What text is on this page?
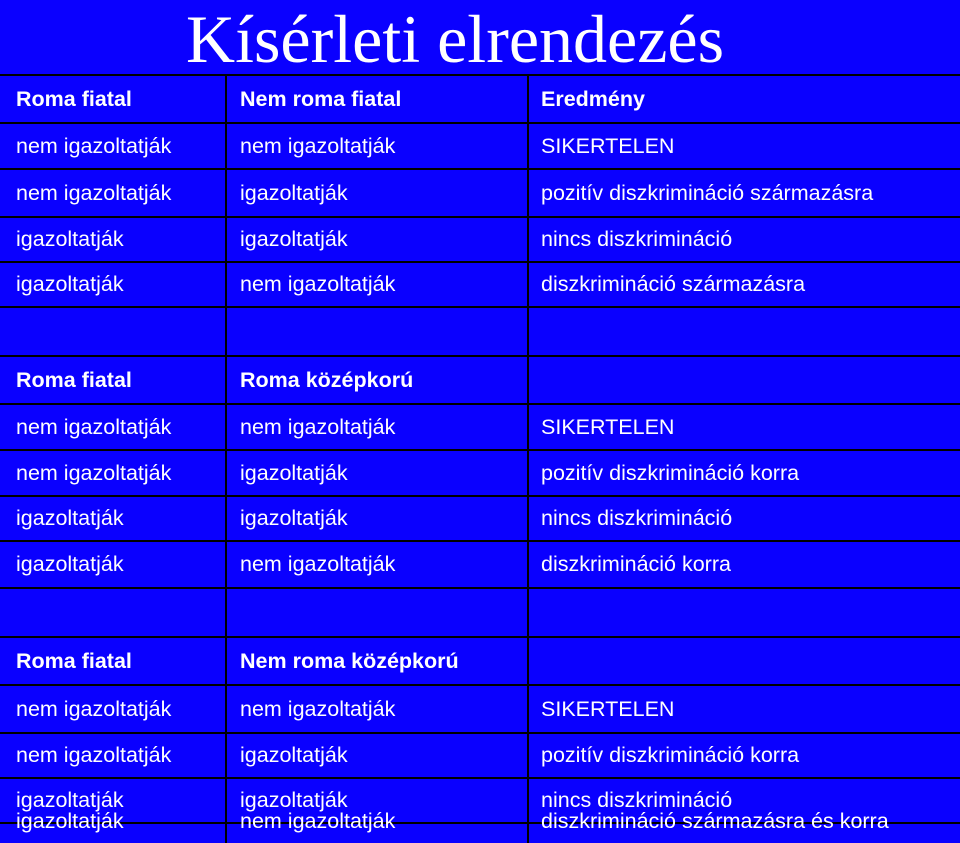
Kísérleti elrendezés
Roma fiatal	Nem roma fiatal	Eredmény
nem igazoltatják	nem igazoltatják	SIKERTELEN
nem igazoltatják	igazoltatják	pozitív diszkrimináció származásra
igazoltatják	igazoltatják	nincs diszkrimináció
igazoltatják	nem igazoltatják	diszkrimináció származásra
Roma fiatal	Roma középkorú
nem igazoltatják	nem igazoltatják	SIKERTELEN
nem igazoltatják	igazoltatják	pozitív diszkrimináció korra
igazoltatják	igazoltatják	nincs diszkrimináció
igazoltatják	nem igazoltatják	diszkrimináció korra
Roma fiatal	Nem roma középkorú
nem igazoltatják	nem igazoltatják	SIKERTELEN
nem igazoltatják	igazoltatják	pozitív diszkrimináció korra
igazoltatják	igazoltatják	nincs diszkrimináció
igazoltatják	nem igazoltatják	diszkrimináció származásra és korra
